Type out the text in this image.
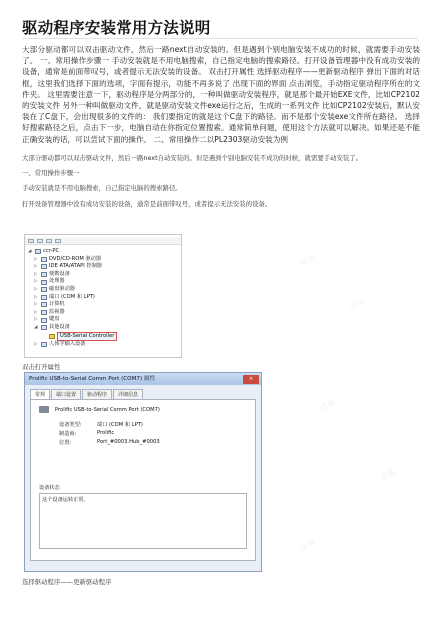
驱动程序安装常用方法说明

大部分驱动都可以双击驱动文件，然后一路next自动安装的。但是遇到个别电脑安装不成功的时候，就需要手动安装了。 一、常用操作步骤一 手动安装就是不用电脑搜索，自己指定电脑的搜索路径。打开设备管理器中没有成功安装的设备，通常是前面带叹号，或者提示无法安装的设备。 双击打开属性 选择驱动程序——更新驱动程序 弹出下面的对话框，这里我们选择下面的选项，字面有提示，功能不再多说了 出现下面的界面 点击浏览，手动指定驱动程序所在的文件夹。 这里需要注意一下，驱动程序是分两部分的，一种叫做驱动安装程序，就是那个最开始EXE文件，比如CP2102的安装文件 另外一种叫做驱动文件，就是驱动安装文件exe运行之后，生成的一系列文件 比如CP2102安装后，默认安装在了C盘下，会出现很多的文件的： 我们要指定的就是这个C盘下的路径。而不是那个安装exe文件所在路径。 选择好搜索路径之后，点击下一步，电脑自动在你指定位置搜索。通常简单问题，使用这个方法就可以解决。如果还是不能正确安装的话，可以尝试下面的操作。 二、常用操作二以PL2303驱动安装为例

大部分驱动都可以双击驱动文件，然后一路next自动安装的。但是遇到个别电脑安装不成功的时候，就需要手动安装了。

一、常用操作步骤一

手动安装就是不用电脑搜索，自己指定电脑的搜索路径。

打开设备管理器中没有成功安装的设备，通常是前面带叹号，或者提示无法安装的设备。

◢ ccr-PC
▷ DVD/CD-ROM 驱动器
▷ IDE ATA/ATAPI 控制器
▷ 便携设备
▷ 处理器
▷ 磁盘驱动器
▷ 端口 (COM 和 LPT)
▷ 计算机
▷ 监视器
▷ 键盘
◢ 其他设备
USB-Serial Controller
▷ 人体学输入设备
双击打开属性
Prolific USB-to-Serial Comm Port (COM7) 属性	×
常规	端口设置	驱动程序	详细信息
Prolific USB-to-Serial Comm Port (COM7)
设备类型:	端口 (COM 和 LPT)
制造商:	Prolific
位置:	Port_#0003.Hub_#0003
设备状态
这个设备运转正常。
选择驱动程序——更新驱动程序
试读
试读
试读
试读
试读
